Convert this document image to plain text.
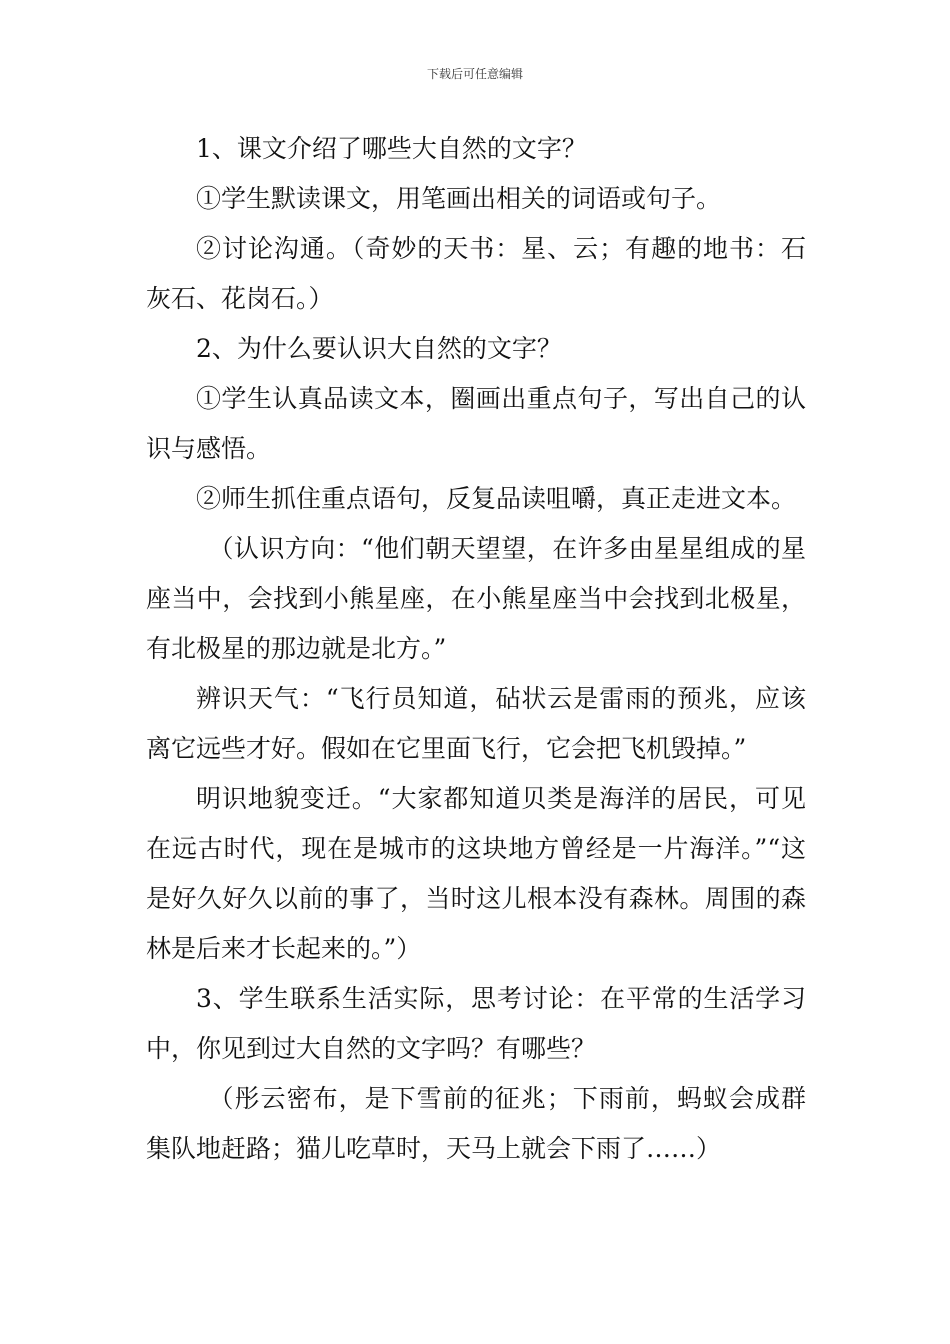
下载后可任意编辑

1、课文介绍了哪些大自然的文字？

①学生默读课文，用笔画出相关的词语或句子。

②讨论沟通。（奇妙的天书：星、云；有趣的地书：石灰石、花岗石。）

2、为什么要认识大自然的文字？

①学生认真品读文本，圈画出重点句子，写出自己的认识与感悟。

②师生抓住重点语句，反复品读咀嚼，真正走进文本。

（认识方向：“他们朝天望望，在许多由星星组成的星座当中，会找到小熊星座，在小熊星座当中会找到北极星，有北极星的那边就是北方。”

辨识天气：“飞行员知道，砧状云是雷雨的预兆，应该离它远些才好。假如在它里面飞行，它会把飞机毁掉。”

明识地貌变迁。“大家都知道贝类是海洋的居民，可见在远古时代，现在是城市的这块地方曾经是一片海洋。”“这是好久好久以前的事了，当时这儿根本没有森林。周围的森林是后来才长起来的。”）

3、学生联系生活实际，思考讨论：在平常的生活学习中，你见到过大自然的文字吗？有哪些？

（彤云密布，是下雪前的征兆；下雨前，蚂蚁会成群集队地赶路；猫儿吃草时，天马上就会下雨了……）
